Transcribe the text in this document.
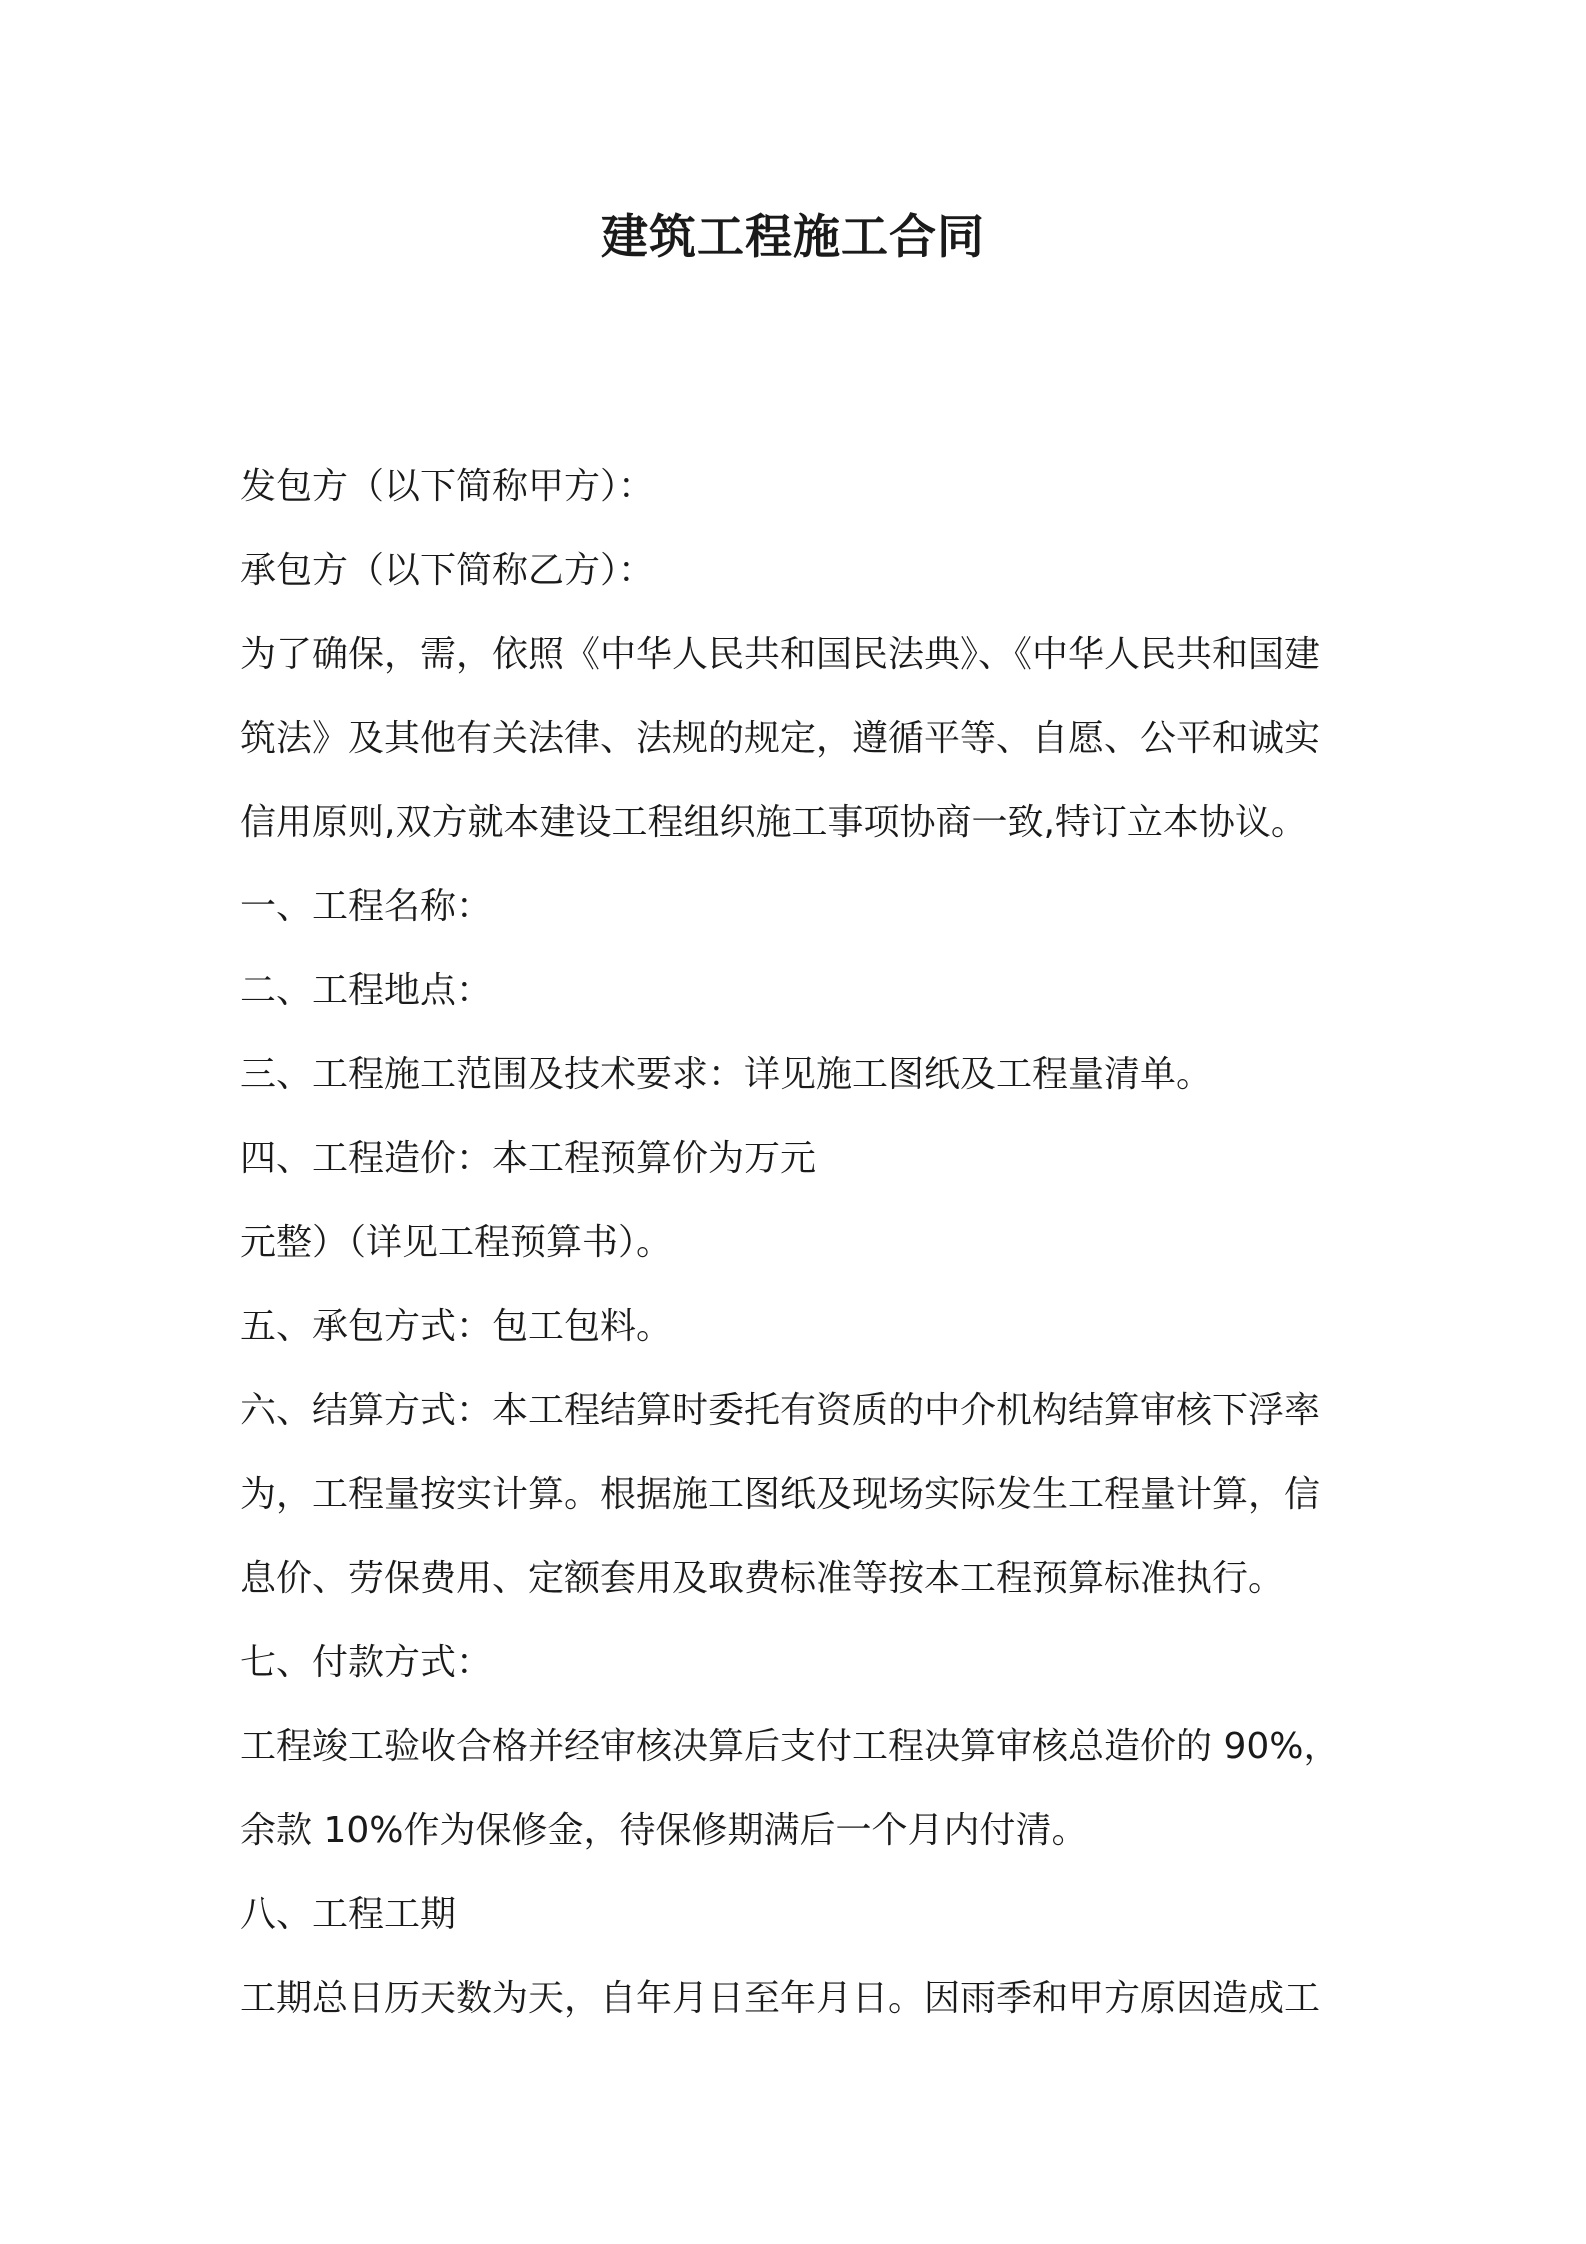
建筑工程施工合同
发包方（以下简称甲方）：
承包方（以下简称乙方）：
为了确保，需，依照《中华人民共和国民法典》、《中华人民共和国建
筑法》及其他有关法律、法规的规定，遵循平等、自愿、公平和诚实
信用原则,双方就本建设工程组织施工事项协商一致,特订立本协议。
一、工程名称：
二、工程地点：
三、工程施工范围及技术要求：详见施工图纸及工程量清单。
四、工程造价：本工程预算价为万元
元整）（详见工程预算书）。
五、承包方式：包工包料。
六、结算方式：本工程结算时委托有资质的中介机构结算审核下浮率
为，工程量按实计算。根据施工图纸及现场实际发生工程量计算，信
息价、劳保费用、定额套用及取费标准等按本工程预算标准执行。
七、付款方式：
工程竣工验收合格并经审核决算后支付工程决算审核总造价的 90%，
余款 10%作为保修金，待保修期满后一个月内付清。
八、工程工期
工期总日历天数为天，自年月日至年月日。因雨季和甲方原因造成工
